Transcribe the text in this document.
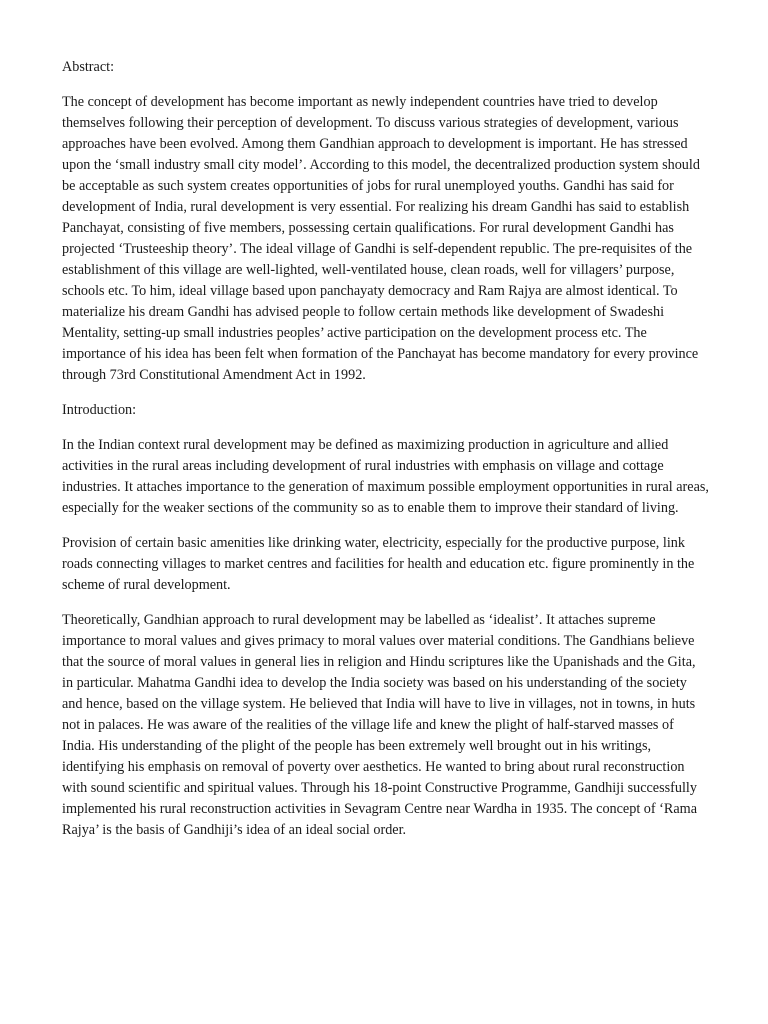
Abstract:

The concept of development has become important as newly independent countries have tried to develop themselves following their perception of development. To discuss various strategies of development, various approaches have been evolved. Among them Gandhian approach to development is important. He has stressed upon the ‘small industry small city model’. According to this model, the decentralized production system should be acceptable as such system creates opportunities of jobs for rural unemployed youths. Gandhi has said for development of India, rural development is very essential. For realizing his dream Gandhi has said to establish Panchayat, consisting of five members, possessing certain qualifications. For rural development Gandhi has projected ‘Trusteeship theory’. The ideal village of Gandhi is self-dependent republic. The pre-requisites of the establishment of this village are well-lighted, well-ventilated house, clean roads, well for villagers’ purpose, schools etc. To him, ideal village based upon panchayaty democracy and Ram Rajya are almost identical. To materialize his dream Gandhi has advised people to follow certain methods like development of Swadeshi Mentality, setting-up small industries peoples’ active participation on the development process etc. The importance of his idea has been felt when formation of the Panchayat has become mandatory for every province through 73rd Constitutional Amendment Act in 1992.

Introduction:

In the Indian context rural development may be defined as maximizing production in agriculture and allied activities in the rural areas including development of rural industries with emphasis on village and cottage industries. It attaches importance to the generation of maximum possible employment opportunities in rural areas, especially for the weaker sections of the community so as to enable them to improve their standard of living.

Provision of certain basic amenities like drinking water, electricity, especially for the productive purpose, link roads connecting villages to market centres and facilities for health and education etc. figure prominently in the scheme of rural development.

Theoretically, Gandhian approach to rural development may be labelled as ‘idealist’. It attaches supreme importance to moral values and gives primacy to moral values over material conditions. The Gandhians believe that the source of moral values in general lies in religion and Hindu scriptures like the Upanishads and the Gita, in particular. Mahatma Gandhi idea to develop the India society was based on his understanding of the society and hence, based on the village system. He believed that India will have to live in villages, not in towns, in huts not in palaces. He was aware of the realities of the village life and knew the plight of half-starved masses of India. His understanding of the plight of the people has been extremely well brought out in his writings, identifying his emphasis on removal of poverty over aesthetics. He wanted to bring about rural reconstruction with sound scientific and spiritual values. Through his 18-point Constructive Programme, Gandhiji successfully implemented his rural reconstruction activities in Sevagram Centre near Wardha in 1935. The concept of ‘Rama Rajya’ is the basis of Gandhiji’s idea of an ideal social order.
